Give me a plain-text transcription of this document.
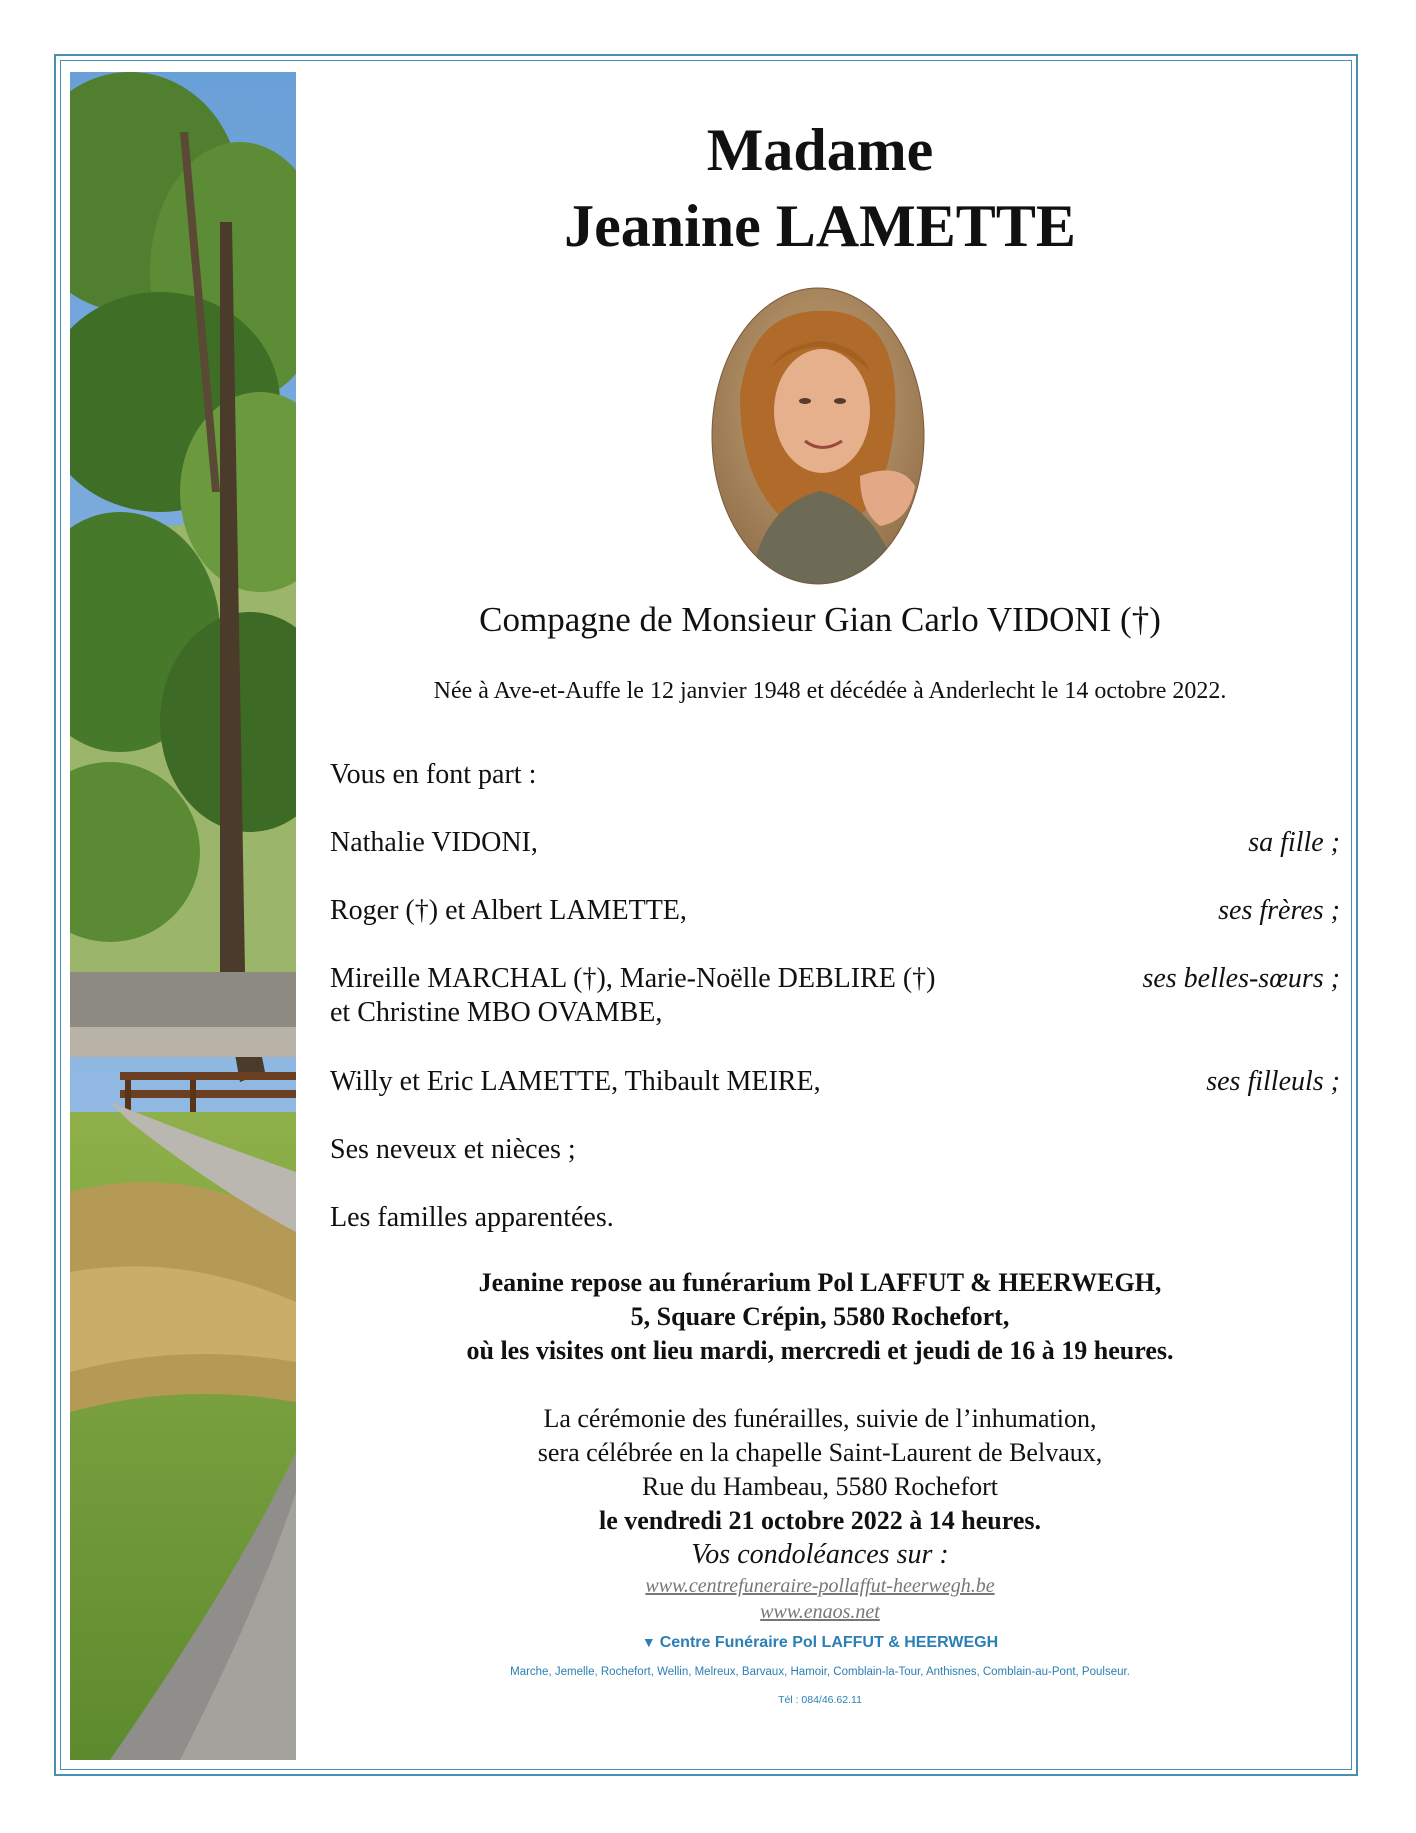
Madame
Jeanine LAMETTE
Compagne de Monsieur Gian Carlo VIDONI (†)
Née à Ave-et-Auffe le 12 janvier 1948 et décédée à Anderlecht le 14 octobre 2022.
Vous en font part :
Nathalie VIDONI,	sa fille ;
Roger (†) et Albert LAMETTE,	ses frères ;
Mireille MARCHAL (†), Marie-Noëlle DEBLIRE (†)
et Christine MBO OVAMBE,
ses belles-sœurs ;
Willy et Eric LAMETTE, Thibault MEIRE,	ses filleuls ;
Ses neveux et nièces ;
Les familles apparentées.
Jeanine repose au funérarium Pol LAFFUT & HEERWEGH,
5, Square Crépin, 5580 Rochefort,
où les visites ont lieu mardi, mercredi et jeudi de 16 à 19 heures.
La cérémonie des funérailles, suivie de l’inhumation,
sera célébrée en la chapelle Saint-Laurent de Belvaux,
Rue du Hambeau, 5580 Rochefort
le vendredi 21 octobre 2022 à 14 heures.
Vos condoléances sur :
www.centrefuneraire-pollaffut-heerwegh.be
www.enaos.net
▼ Centre Funéraire Pol LAFFUT & HEERWEGH
Marche, Jemelle, Rochefort, Wellin, Melreux, Barvaux, Hamoir, Comblain-la-Tour, Anthisnes, Comblain-au-Pont, Poulseur.
Tél : 084/46.62.11
